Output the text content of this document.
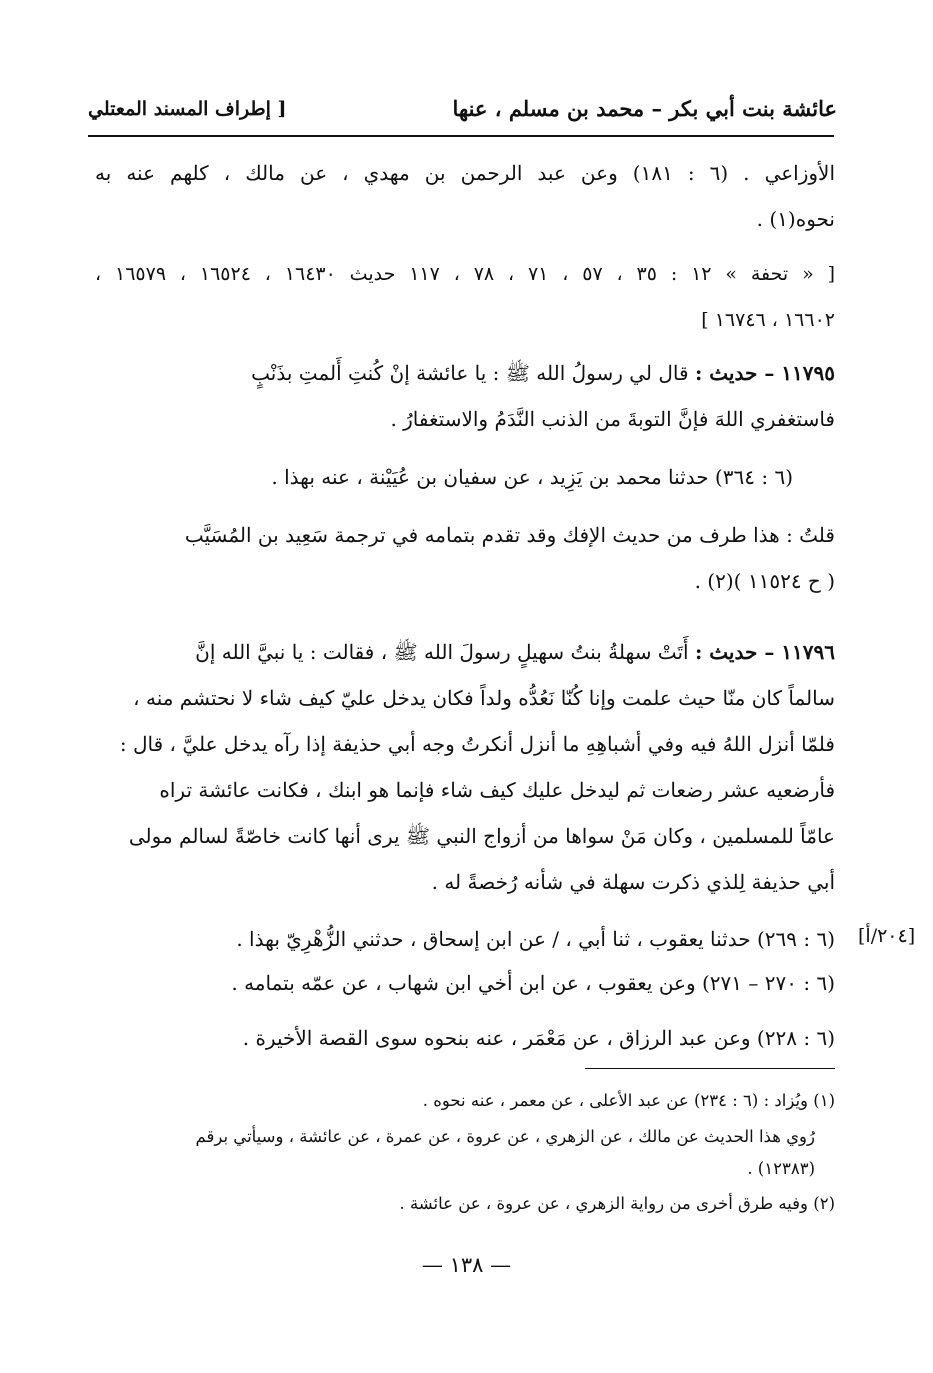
عائشة بنت أبي بكر – محمد بن مسلم ، عنها
[ إطراف المسند المعتلي
الأوزاعي . (٦ : ١٨١) وعن عبد الرحمن بن مهدي ، عن مالك ، كلهم عنه به
نحوه(١) .
[ « تحفة » ١٢ : ٣٥ ، ٥٧ ، ٧١ ، ٧٨ ، ١١٧ حديث ١٦٤٣٠ ، ١٦٥٢٤ ، ١٦٥٧٩ ،
١٦٦٠٢ ، ١٦٧٤٦ ]
١١٧٩٥ – حديث : قال لي رسولُ الله ﷺ : يا عائشة إنْ كُنتِ أَلمتِ بذَنْبٍ
فاستغفري اللهَ فإنَّ التوبةَ من الذنب النَّدَمُ والاستغفارُ .
(٦ : ٣٦٤) حدثنا محمد بن يَزِيد ، عن سفيان بن عُيَيْنة ، عنه بهذا .
قلتُ : هذا طرف من حديث الإفك وقد تقدم بتمامه في ترجمة سَعِيد بن المُسَيَّب
( ح ١١٥٢٤ )(٢) .
١١٧٩٦ – حديث : أَتَتْ سهلةُ بنتُ سهيلٍ رسولَ الله ﷺ ، فقالت : يا نبيَّ الله إنَّ
سالماً كان منّا حيث علمت وإنا كُنّا نَعُدُّه ولداً فكان يدخل عليّ كيف شاء لا نحتشم منه ،
فلمّا أنزل اللهُ فيه وفي أشباهِهِ ما أنزل أنكرتُ وجه أبي حذيفة إذا رآه يدخل عليَّ ، قال :
فأرضعيه عشر رضعات ثم ليدخل عليك كيف شاء فإنما هو ابنك ، فكانت عائشة تراه
عامّاً للمسلمين ، وكان مَنْ سواها من أزواج النبي ﷺ يرى أنها كانت خاصّةً لسالم مولى
أبي حذيفة لِلذي ذكرت سهلة في شأنه رُخصةً له .
[٢٠٤/أ]
(٦ : ٢٦٩) حدثنا يعقوب ، ثنا أبي ، / عن ابن إسحاق ، حدثني الزُّهْرِيّ بهذا .
(٦ : ٢٧٠ – ٢٧١) وعن يعقوب ، عن ابن أخي ابن شهاب ، عن عمّه بتمامه .
(٦ : ٢٢٨) وعن عبد الرزاق ، عن مَعْمَر ، عنه بنحوه سوى القصة الأخيرة .
(١) ويُزاد : (٦ : ٢٣٤) عن عبد الأعلى ، عن معمر ، عنه نحوه .
رُوي هذا الحديث عن مالك ، عن الزهري ، عن عروة ، عن عمرة ، عن عائشة ، وسيأتي برقم
(١٢٣٨٣) .
(٢) وفيه طرق أخرى من رواية الزهري ، عن عروة ، عن عائشة .
— ١٣٨ —
